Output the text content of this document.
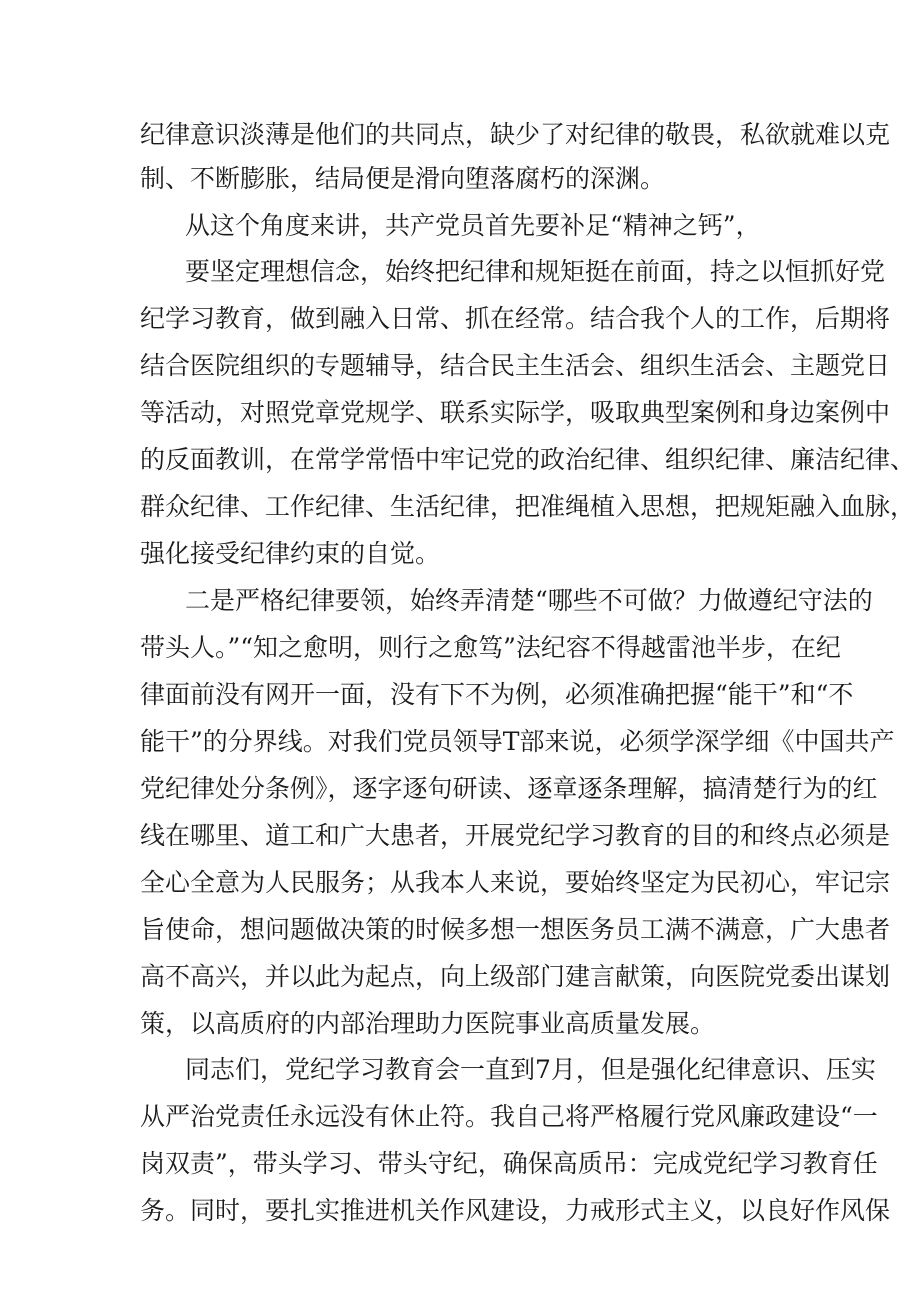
纪律意识淡薄是他们的共同点，缺少了对纪律的敬畏，私欲就难以克

制、不断膨胀，结局便是滑向堕落腐朽的深渊。

从这个角度来讲，共产党员首先要补足“精神之钙”，

要坚定理想信念，始终把纪律和规矩挺在前面，持之以恒抓好党

纪学习教育，做到融入日常、抓在经常。结合我个人的工作，后期将

结合医院组织的专题辅导，结合民主生活会、组织生活会、主题党日

等活动，对照党章党规学、联系实际学，吸取典型案例和身边案例中

的反面教训，在常学常悟中牢记党的政治纪律、组织纪律、廉洁纪律、

群众纪律、工作纪律、生活纪律，把准绳植入思想，把规矩融入血脉，

强化接受纪律约束的自觉。

二是严格纪律要领，始终弄清楚“哪些不可做？力做遵纪守法的

带头人。”“知之愈明，则行之愈笃”法纪容不得越雷池半步，在纪

律面前没有网开一面，没有下不为例，必须准确把握“能干”和“不

能干”的分界线。对我们党员领导T部来说，必须学深学细《中国共产

党纪律处分条例》，逐字逐句研读、逐章逐条理解，搞清楚行为的红

线在哪里、道工和广大患者，开展党纪学习教育的目的和终点必须是

全心全意为人民服务；从我本人来说，要始终坚定为民初心，牢记宗

旨使命，想问题做决策的时候多想一想医务员工满不满意，广大患者

高不高兴，并以此为起点，向上级部门建言献策，向医院党委出谋划

策，以高质府的内部治理助力医院事业高质量发展。

同志们，党纪学习教育会一直到7月，但是强化纪律意识、压实

从严治党责任永远没有休止符。我自己将严格履行党风廉政建设“一

岗双责”，带头学习、带头守纪，确保高质吊：完成党纪学习教育任

务。同时，要扎实推进机关作风建设，力戒形式主义，以良好作风保
